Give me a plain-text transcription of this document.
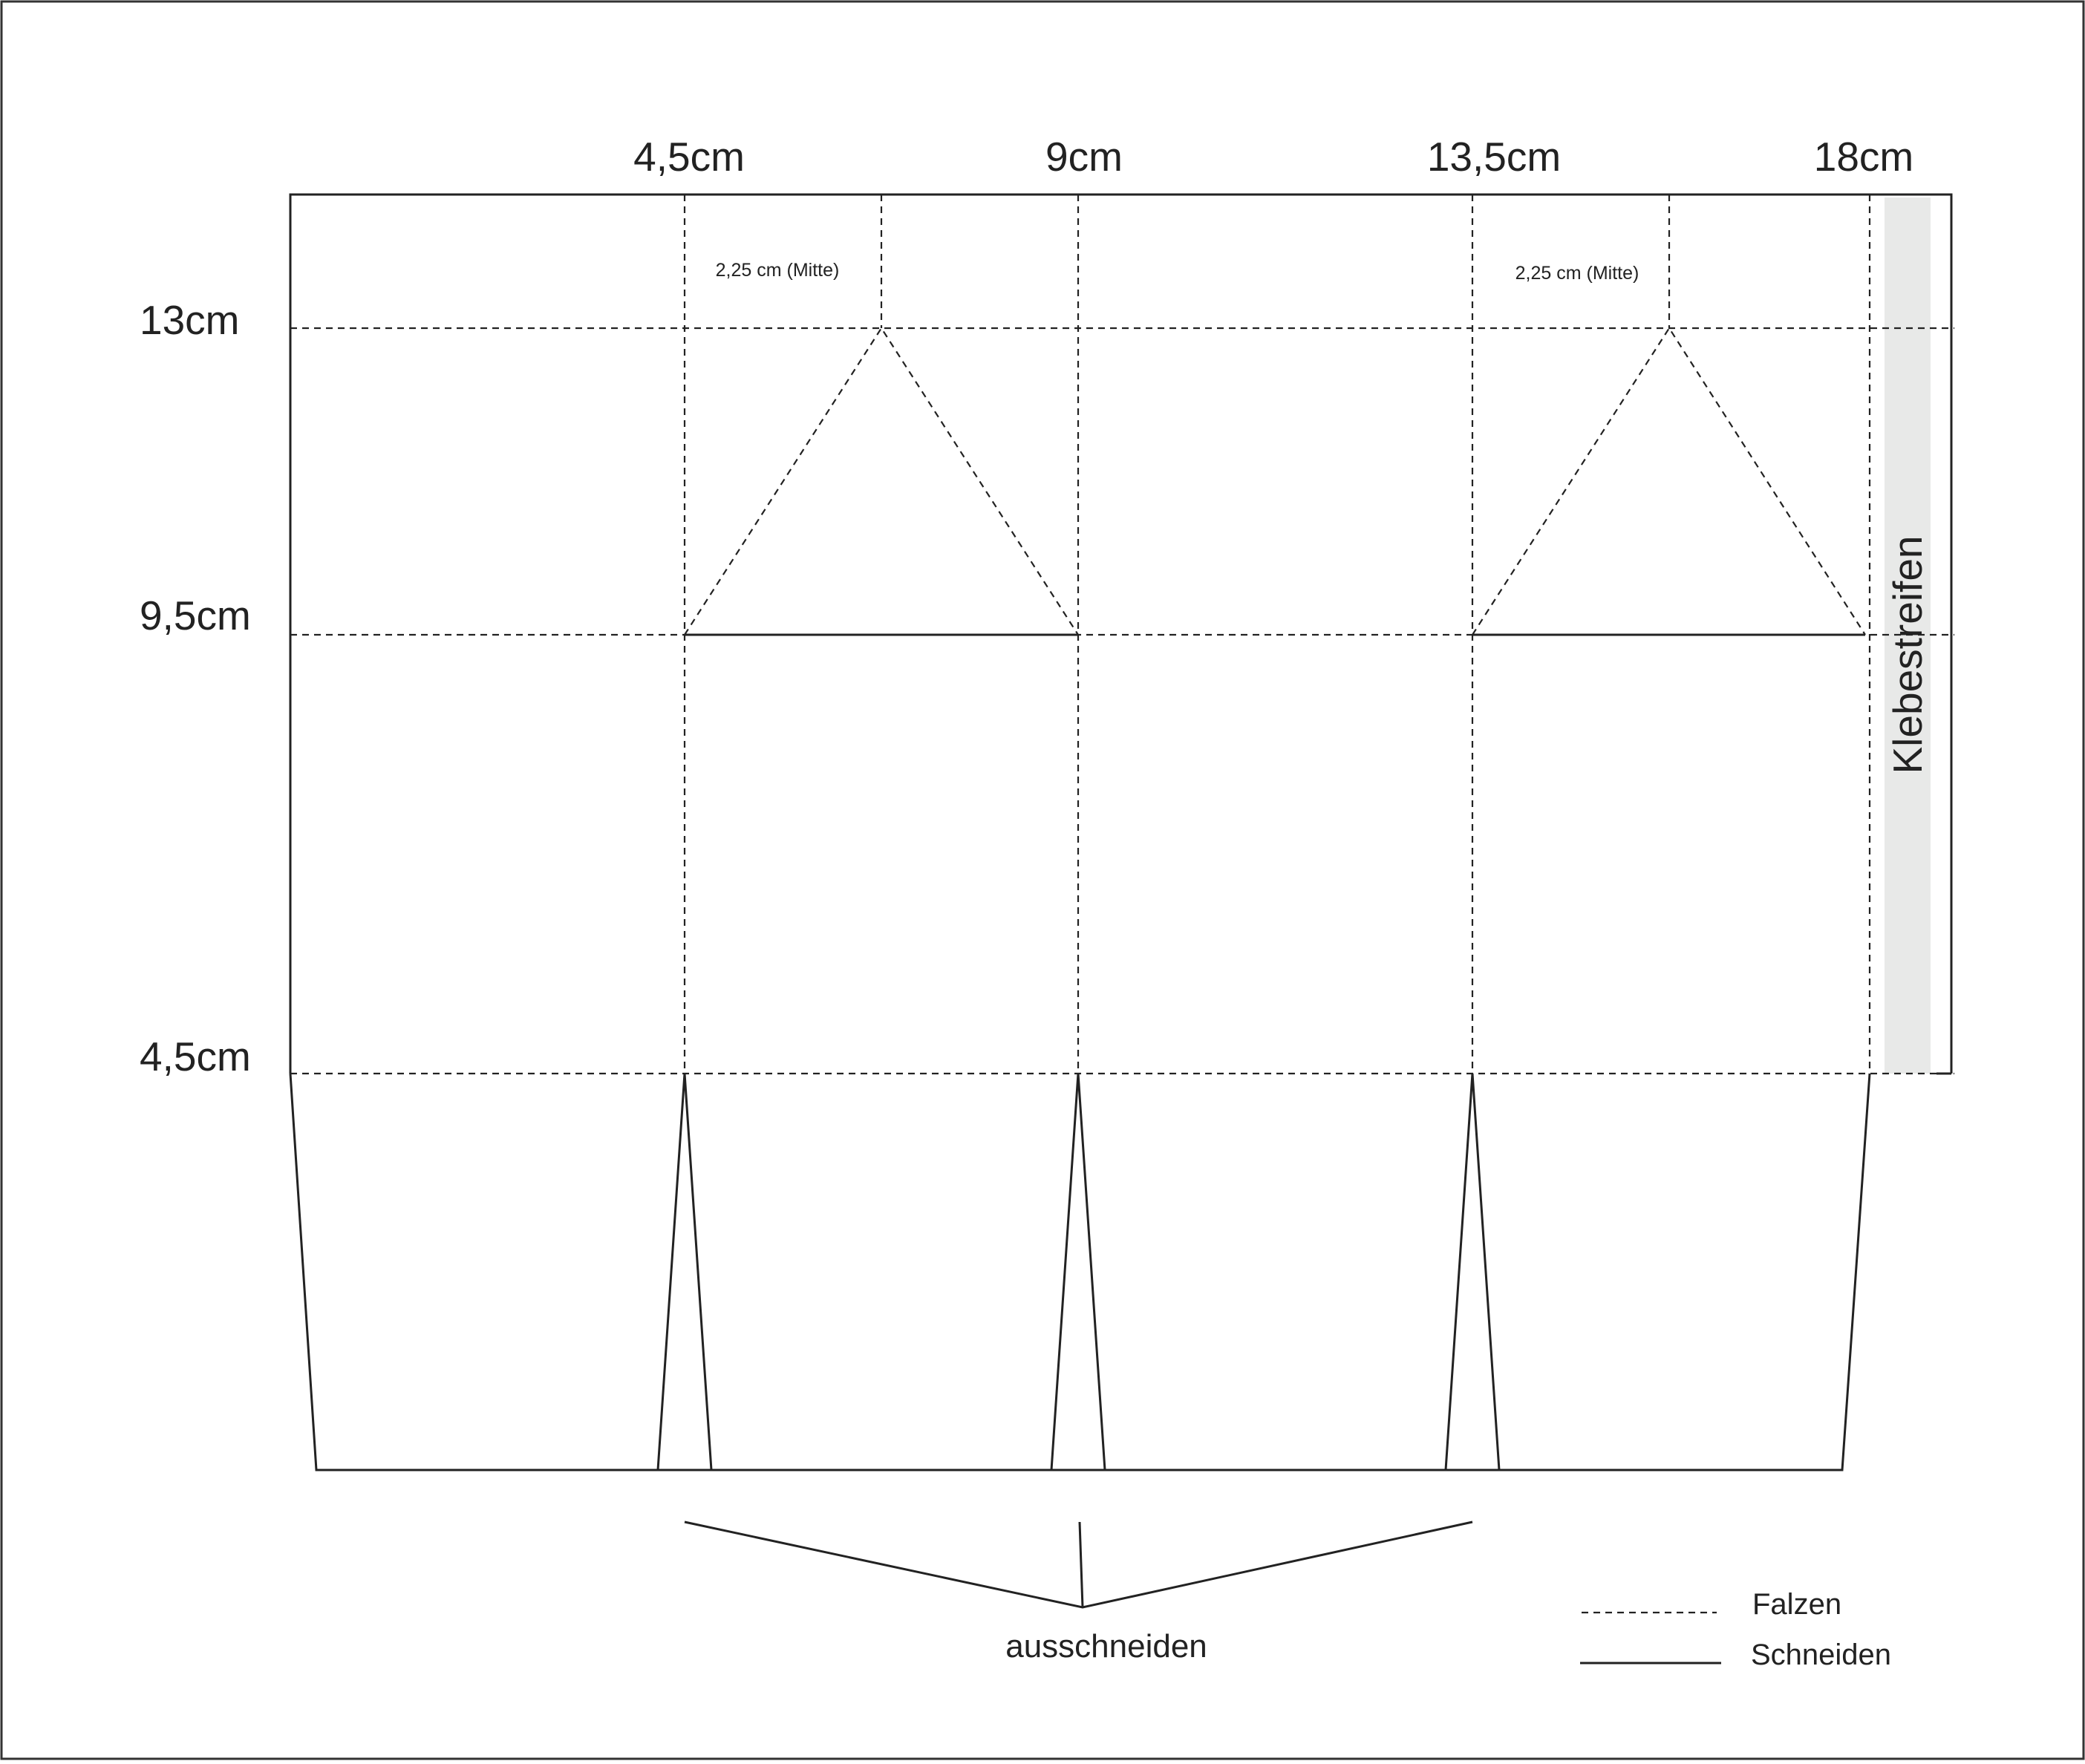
4,5cm	9cm	13,5cm	18cm
13cm
9,5cm
4,5cm
2,25 cm (Mitte)	2,25 cm (Mitte)
Klebestreifen
ausschneiden
Falzen
Schneiden
